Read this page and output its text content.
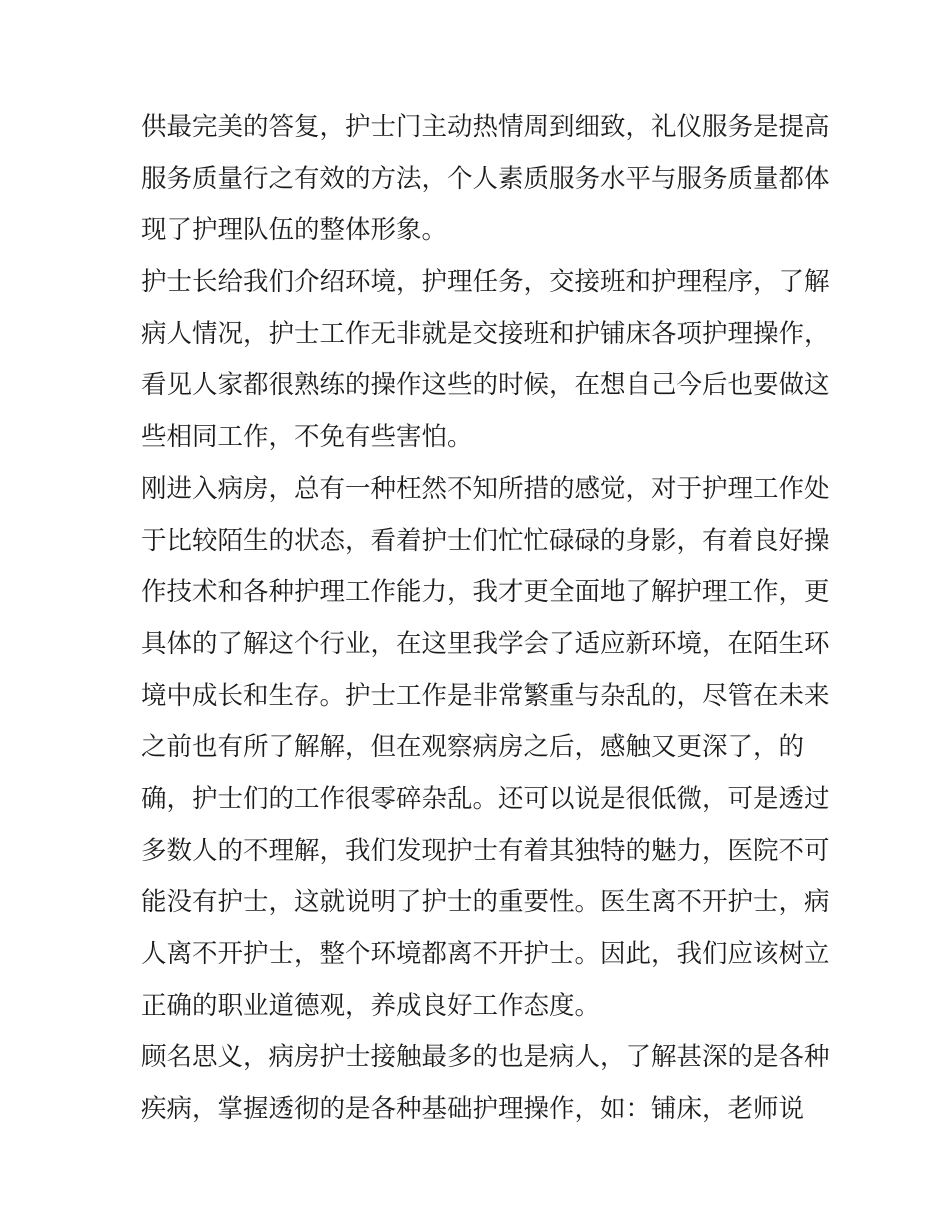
供最完美的答复，护士门主动热情周到细致，礼仪服务是提高
服务质量行之有效的方法，个人素质服务水平与服务质量都体
现了护理队伍的整体形象。
护士长给我们介绍环境，护理任务，交接班和护理程序，了解
病人情况，护士工作无非就是交接班和护铺床各项护理操作，
看见人家都很熟练的操作这些的时候，在想自己今后也要做这
些相同工作，不免有些害怕。
刚进入病房，总有一种枉然不知所措的感觉，对于护理工作处
于比较陌生的状态，看着护士们忙忙碌碌的身影，有着良好操
作技术和各种护理工作能力，我才更全面地了解护理工作，更
具体的了解这个行业，在这里我学会了适应新环境，在陌生环
境中成长和生存。护士工作是非常繁重与杂乱的，尽管在未来
之前也有所了解解，但在观察病房之后，感触又更深了，的
确，护士们的工作很零碎杂乱。还可以说是很低微，可是透过
多数人的不理解，我们发现护士有着其独特的魅力，医院不可
能没有护士，这就说明了护士的重要性。医生离不开护士，病
人离不开护士，整个环境都离不开护士。因此，我们应该树立
正确的职业道德观，养成良好工作态度。
顾名思义，病房护士接触最多的也是病人，了解甚深的是各种
疾病，掌握透彻的是各种基础护理操作，如：铺床，老师说
